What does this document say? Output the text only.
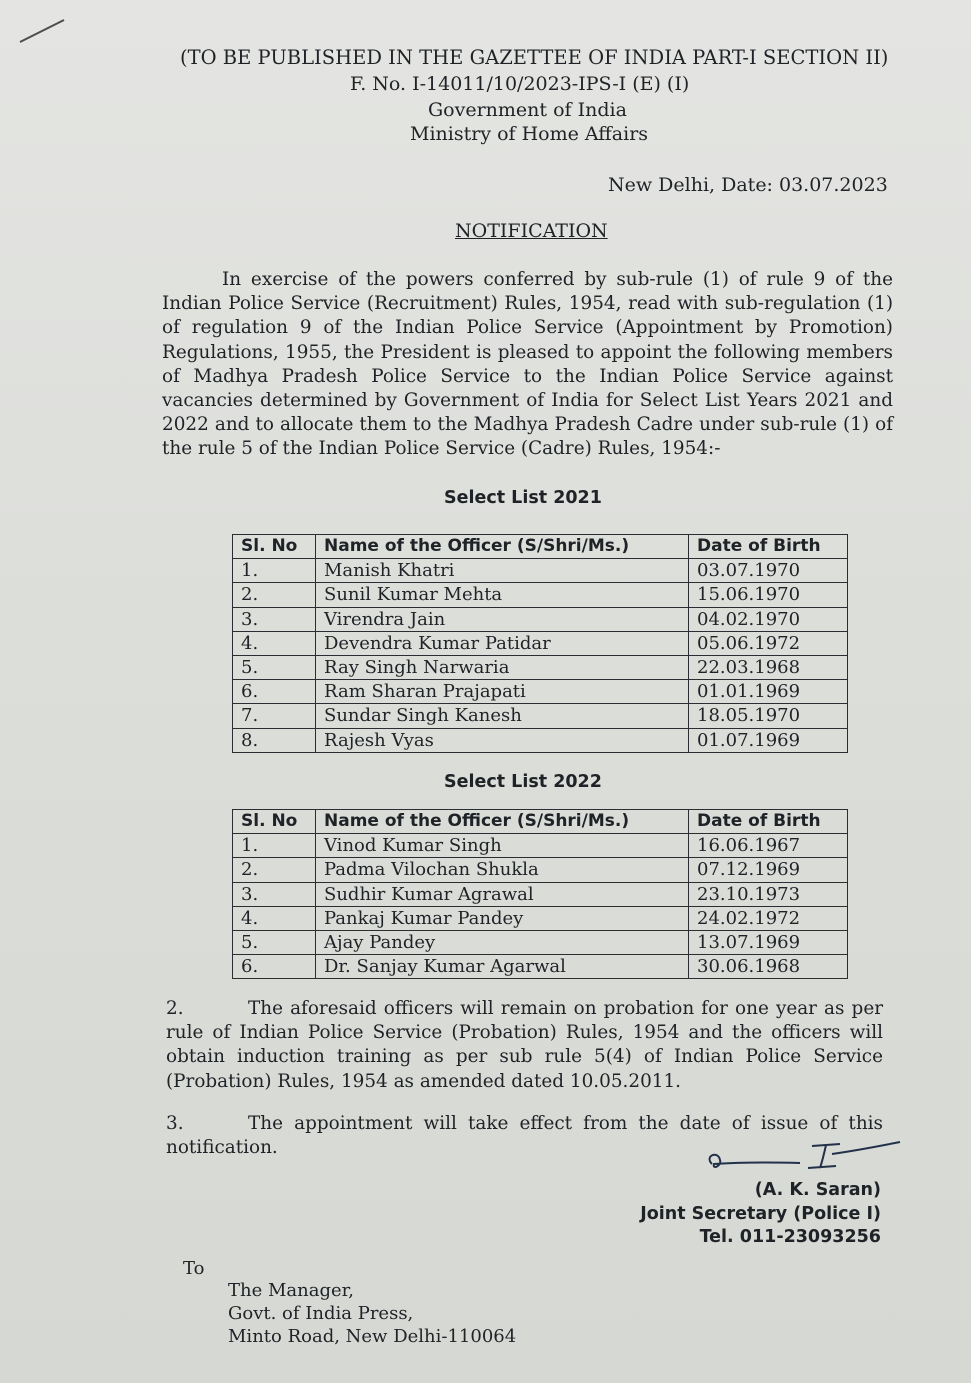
(TO BE PUBLISHED IN THE GAZETTEE OF INDIA PART-I SECTION II)
F. No. I-14011/10/2023-IPS-I (E) (I)
Government of India
Ministry of Home Affairs
New Delhi, Date: 03.07.2023
NOTIFICATION
In exercise of the powers conferred by sub-rule (1) of rule 9 of the Indian Police Service (Recruitment) Rules, 1954, read with sub-regulation (1) of regulation 9 of the Indian Police Service (Appointment by Promotion) Regulations, 1955, the President is pleased to appoint the following members of Madhya Pradesh Police Service to the Indian Police Service against vacancies determined by Government of India for Select List Years 2021 and 2022 and to allocate them to the Madhya Pradesh Cadre under sub-rule (1) of the rule 5 of the Indian Police Service (Cadre) Rules, 1954:-
Select List 2021
Sl. No	Name of the Officer (S/Shri/Ms.)	Date of Birth
1.	Manish Khatri	03.07.1970
2.	Sunil Kumar Mehta	15.06.1970
3.	Virendra Jain	04.02.1970
4.	Devendra Kumar Patidar	05.06.1972
5.	Ray Singh Narwaria	22.03.1968
6.	Ram Sharan Prajapati	01.01.1969
7.	Sundar Singh Kanesh	18.05.1970
8.	Rajesh Vyas	01.07.1969
Select List 2022
Sl. No	Name of the Officer (S/Shri/Ms.)	Date of Birth
1.	Vinod Kumar Singh	16.06.1967
2.	Padma Vilochan Shukla	07.12.1969
3.	Sudhir Kumar Agrawal	23.10.1973
4.	Pankaj Kumar Pandey	24.02.1972
5.	Ajay Pandey	13.07.1969
6.	Dr. Sanjay Kumar Agarwal	30.06.1968
2.	The aforesaid officers will remain on probation for one year as per rule of Indian Police Service (Probation) Rules, 1954 and the officers will obtain induction training as per sub rule 5(4) of Indian Police Service (Probation) Rules, 1954 as amended dated 10.05.2011.
3.	The appointment will take effect from the date of issue of this notification.
(A. K. Saran)
Joint Secretary (Police I)
Tel. 011-23093256
To
The Manager,
Govt. of India Press,
Minto Road, New Delhi-110064
